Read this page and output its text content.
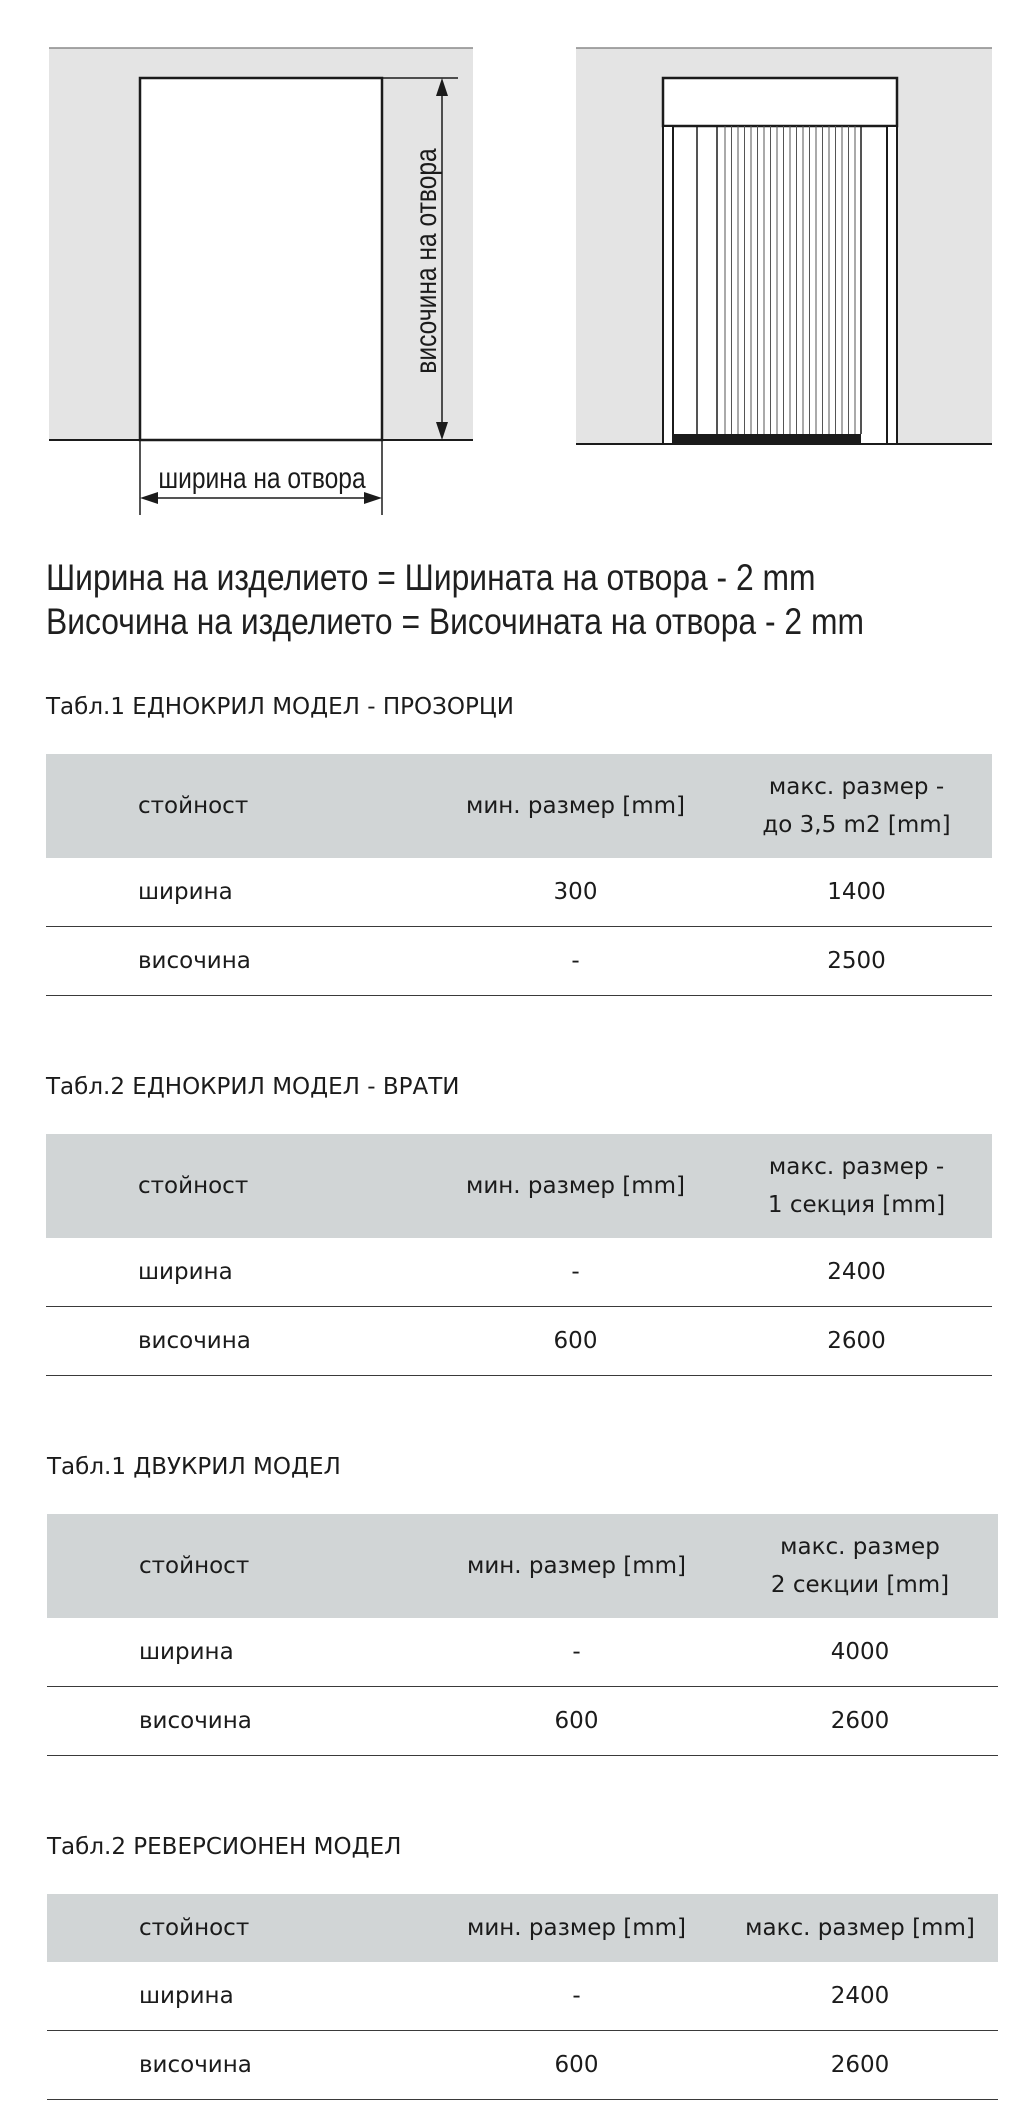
височина на отвора
ширина на отвора
Ширина на изделието = Ширината на отвора - 2 mm
Височина на изделието = Височината на отвора - 2 mm
Табл.1 ЕДНОКРИЛ МОДЕЛ - ПРОЗОРЦИ
стойност	мин. размер [mm]	макс. размер -
до 3,5 m2 [mm]
ширина	300	1400
височина	-	2500
Табл.2 ЕДНОКРИЛ МОДЕЛ - ВРАТИ
стойност	мин. размер [mm]	макс. размер -
1 секция [mm]
ширина	-	2400
височина	600	2600
Табл.1 ДВУКРИЛ МОДЕЛ
стойност	мин. размер [mm]	макс. размер
2 секции [mm]
ширина	-	4000
височина	600	2600
Табл.2 РЕВЕРСИОНЕН МОДЕЛ
стойност	мин. размер [mm]	макс. размер [mm]
ширина	-	2400
височина	600	2600
